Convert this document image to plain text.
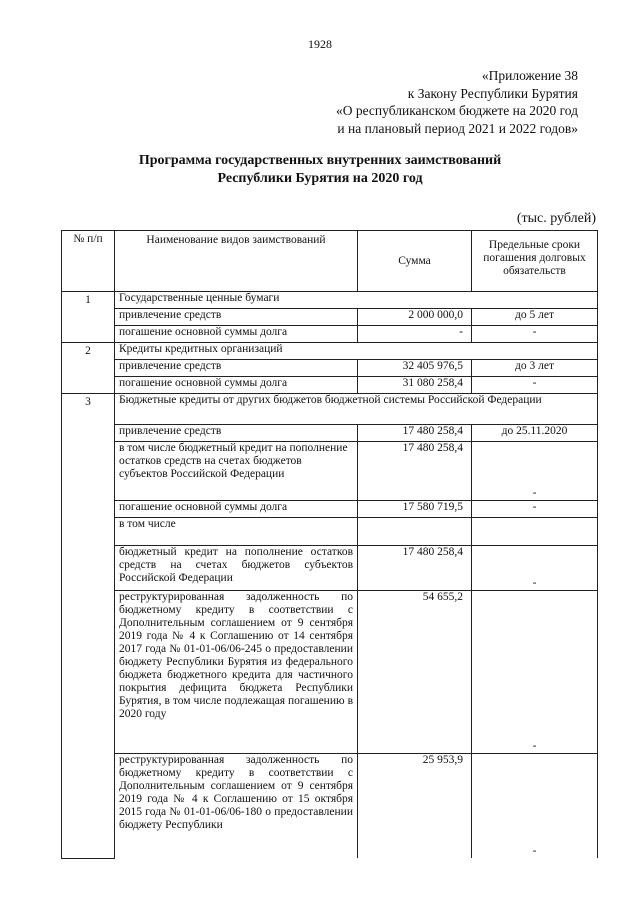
1928
«Приложение 38
к Закону Республики Бурятия
«О республиканском бюджете на 2020 год
и на плановый период 2021 и 2022 годов»
Программа государственных внутренних заимствований
Республики Бурятия на 2020 год
(тыс. рублей)
№ п/п	Наименование видов заимствований	Сумма	Предельные сроки погашения долговых обязательств
1	Государственные ценные бумаги		
	привлечение средств	2 000 000,0	до 5 лет
	погашение основной суммы долга	-	-
2	Кредиты кредитных организаций		
	привлечение средств	32 405 976,5	до 3 лет
	погашение основной суммы долга	31 080 258,4	-
3	Бюджетные кредиты от других бюджетов бюджетной системы Российской Федерации		
	привлечение средств	17 480 258,4	до 25.11.2020
	в том числе бюджетный кредит на пополнение остатков средств на счетах бюджетов субъектов Российской Федерации	17 480 258,4	-
	погашение основной суммы долга	17 580 719,5	-
	в том числе		
	бюджетный кредит на пополнение остатков средств на счетах бюджетов субъектов Российской Федерации	17 480 258,4	-
	реструктурированная задолженность по бюджетному кредиту в соответствии с Дополнительным соглашением от 9 сентября 2019 года № 4 к Соглашению от 14 сентября 2017 года № 01-01-06/06-245 о предоставлении бюджету Республики Бурятия из федерального бюджета бюджетного кредита для частичного покрытия дефицита бюджета Республики Бурятия, в том числе подлежащая погашению в 2020 году	54 655,2	-
	реструктурированная задолженность по бюджетному кредиту в соответствии с Дополнительным соглашением от 9 сентября 2019 года № 4 к Соглашению от 15 октября 2015 года № 01-01-06/06-180 о предоставлении бюджету Республики	25 953,9	-
